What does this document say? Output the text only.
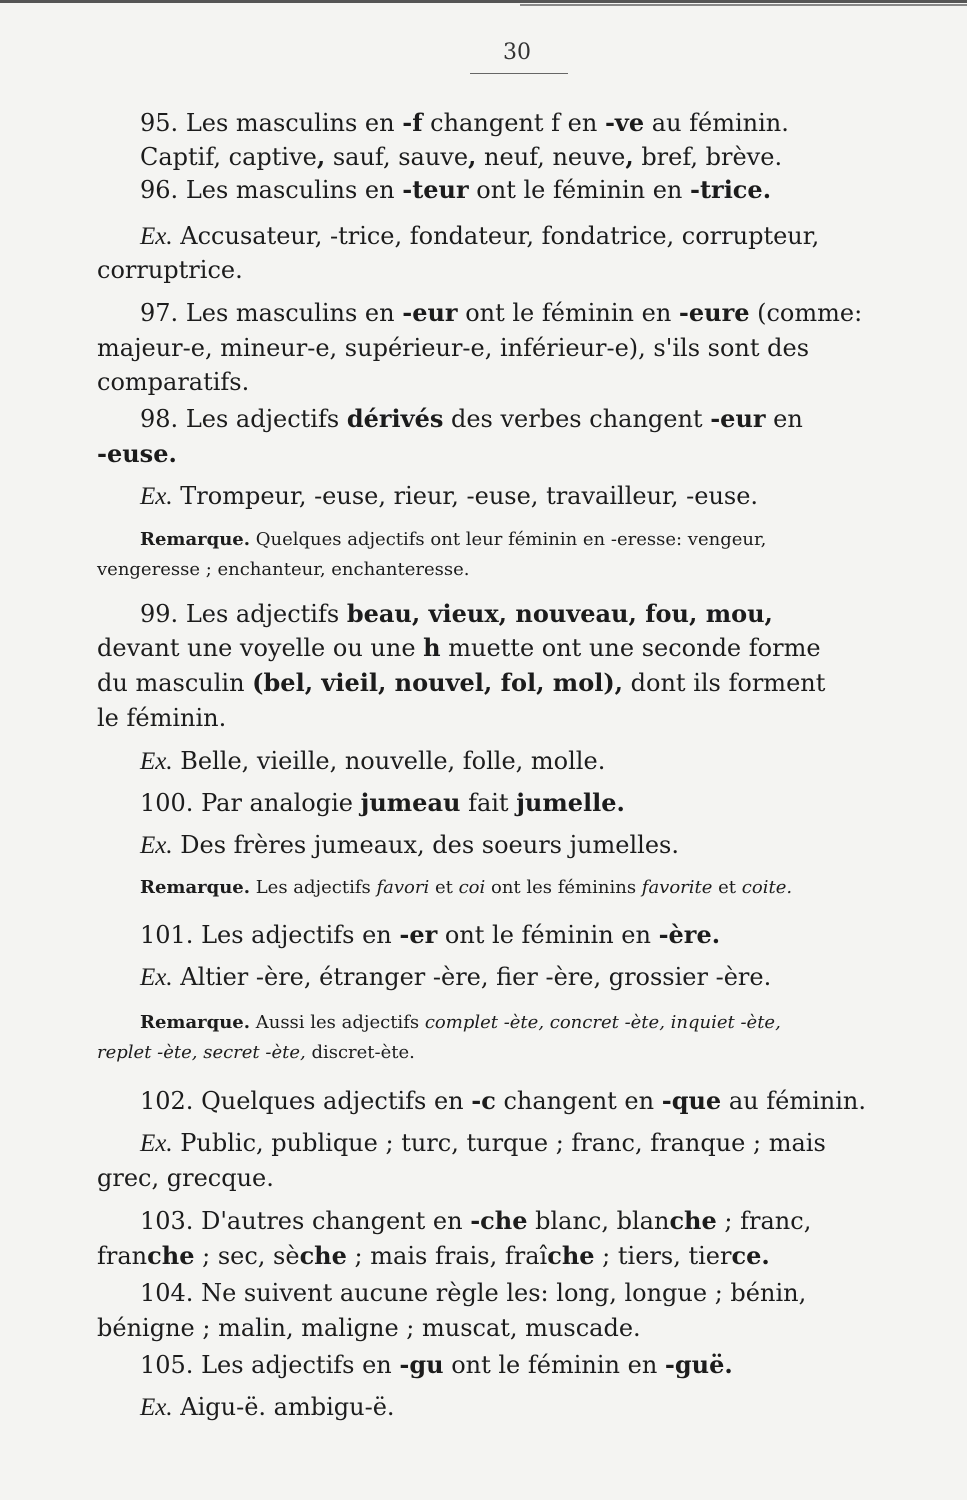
30
95. Les masculins en -f changent f en -ve au féminin.
Captif, captive, sauf, sauve, neuf, neuve, bref, brève.
96. Les masculins en -teur ont le féminin en -trice.
Ex. Accusateur, -trice, fondateur, fondatrice, corrupteur,
corruptrice.
97. Les masculins en -eur ont le féminin en -eure (comme:
majeur-e, mineur-e, supérieur-e, inférieur-e), s'ils sont des
comparatifs.
98. Les adjectifs dérivés des verbes changent -eur en
-euse.
Ex. Trompeur, -euse, rieur, -euse, travailleur, -euse.
Remarque. Quelques adjectifs ont leur féminin en -eresse: vengeur,
vengeresse ; enchanteur, enchanteresse.
99. Les adjectifs beau, vieux, nouveau, fou, mou,
devant une voyelle ou une h muette ont une seconde forme
du masculin (bel, vieil, nouvel, fol, mol), dont ils forment
le féminin.
Ex. Belle, vieille, nouvelle, folle, molle.
100. Par analogie jumeau fait jumelle.
Ex. Des frères jumeaux, des soeurs jumelles.
Remarque. Les adjectifs favori et coi ont les féminins favorite et coite.
101. Les adjectifs en -er ont le féminin en -ère.
Ex. Altier -ère, étranger -ère, fier -ère, grossier -ère.
Remarque. Aussi les adjectifs complet -ète, concret -ète, inquiet -ète,
replet -ète, secret -ète, discret-ète.
102. Quelques adjectifs en -c changent en -que au féminin.
Ex. Public, publique ; turc, turque ; franc, franque ; mais
grec, grecque.
103. D'autres changent en -che blanc, blanche ; franc,
franche ; sec, sèche ; mais frais, fraîche ; tiers, tierce.
104. Ne suivent aucune règle les: long, longue ; bénin,
bénigne ; malin, maligne ; muscat, muscade.
105. Les adjectifs en -gu ont le féminin en -guë.
Ex. Aigu-ë. ambigu-ë.
